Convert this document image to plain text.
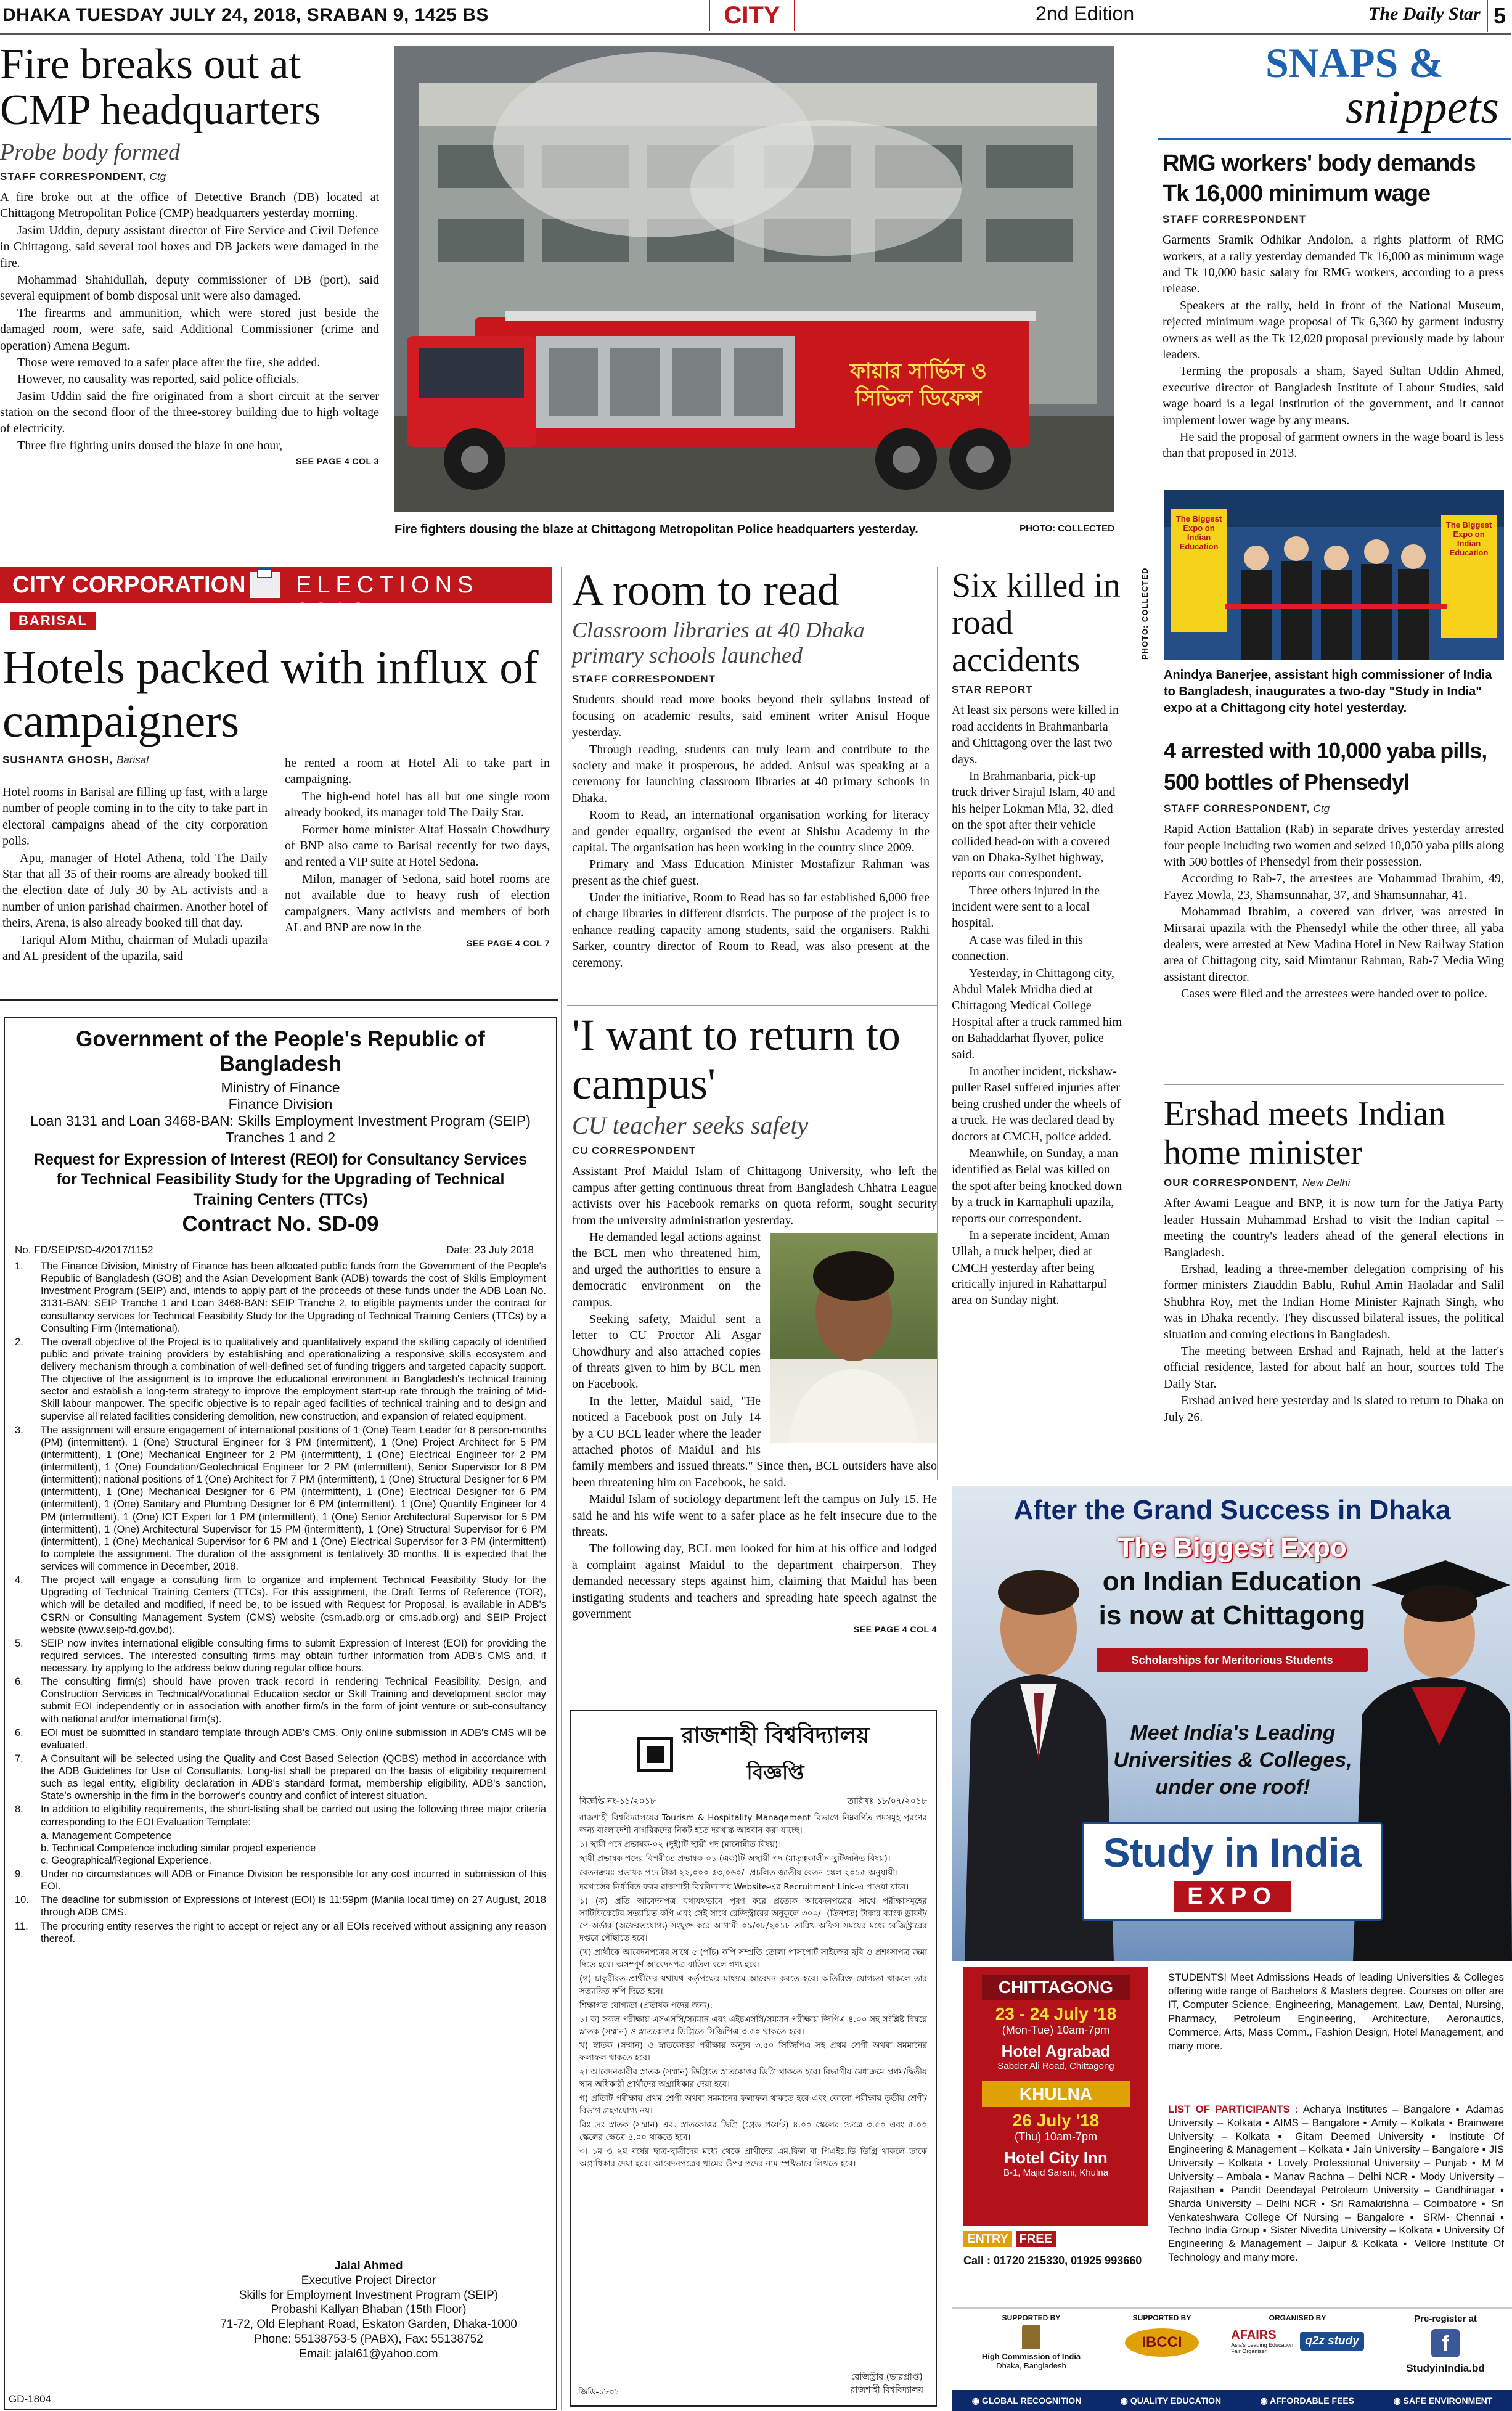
DHAKA TUESDAY JULY 24, 2018, SRABAN 9, 1425 BS	CITY	2nd Edition	The Daily Star 5
Fire breaks out at CMP headquarters
Probe body formed
STAFF CORRESPONDENT, Ctg

A fire broke out at the office of Detective Branch (DB) located at Chittagong Metropolitan Police (CMP) headquarters yesterday morning.

Jasim Uddin, deputy assistant director of Fire Service and Civil Defence in Chittagong, said several tool boxes and DB jackets were damaged in the fire.

Mohammad Shahidullah, deputy commissioner of DB (port), said several equipment of bomb disposal unit were also damaged.

The firearms and ammunition, which were stored just beside the damaged room, were safe, said Additional Commissioner (crime and operation) Amena Begum.

Those were removed to a safer place after the fire, she added.

However, no causality was reported, said police officials.

Jasim Uddin said the fire originated from a short circuit at the server station on the second floor of the three-storey building due to high voltage of electricity.

Three fire fighting units doused the blaze in one hour,

SEE PAGE 4 COL 3
ফায়ার সার্ভিস ও সিভিল ডিফেন্স
Fire fighters dousing the blaze at Chittagong Metropolitan Police headquarters yesterday.	PHOTO: COLLECTED
SNAPS &
snippets
RMG workers' body demands Tk 16,000 minimum wage
STAFF CORRESPONDENT

Garments Sramik Odhikar Andolon, a rights platform of RMG workers, at a rally yesterday demanded Tk 16,000 as minimum wage and Tk 10,000 basic salary for RMG workers, according to a press release.

Speakers at the rally, held in front of the National Museum, rejected minimum wage proposal of Tk 6,360 by garment industry owners as well as the Tk 12,020 proposal previously made by labour leaders.

Terming the proposals a sham, Sayed Sultan Uddin Ahmed, executive director of Bangladesh Institute of Labour Studies, said wage board is a legal institution of the government, and it cannot implement lower wage by any means.

He said the proposal of garment owners in the wage board is less than that proposed in 2013.

The Biggest Expo on Indian Education
The Biggest Expo on Indian Education
PHOTO: COLLECTED
Anindya Banerjee, assistant high commissioner of India to Bangladesh, inaugurates a two-day "Study in India" expo at a Chittagong city hotel yesterday.
4 arrested with 10,000 yaba pills, 500 bottles of Phensedyl
STAFF CORRESPONDENT, Ctg

Rapid Action Battalion (Rab) in separate drives yesterday arrested four people including two women and seized 10,050 yaba pills along with 500 bottles of Phensedyl from their possession.

According to Rab-7, the arrestees are Mohammad Ibrahim, 49, Fayez Mowla, 23, Shamsunnahar, 37, and Shamsunnahar, 41.

Mohammad Ibrahim, a covered van driver, was arrested in Mirsarai upazila with the Phensedyl while the other three, all yaba dealers, were arrested at New Madina Hotel in New Railway Station area of Chittagong city, said Mimtanur Rahman, Rab-7 Media Wing assistant director.

Cases were filed and the arrestees were handed over to police.

Ershad meets Indian home minister
OUR CORRESPONDENT, New Delhi

After Awami League and BNP, it is now turn for the Jatiya Party leader Hussain Muhammad Ershad to visit the Indian capital -- meeting the country's leaders ahead of the general elections in Bangladesh.

Ershad, leading a three-member delegation comprising of his former ministers Ziauddin Bablu, Ruhul Amin Haoladar and Salil Shubhra Roy, met the Indian Home Minister Rajnath Singh, who was in Dhaka recently. They discussed bilateral issues, the political situation and coming elections in Bangladesh.

The meeting between Ershad and Rajnath, held at the latter's official residence, lasted for about half an hour, sources told The Daily Star.

Ershad arrived here yesterday and is slated to return to Dhaka on July 26.

CITY CORPORATION ELECTIONS 2018
BARISAL
Hotels packed with influx of campaigners
SUSHANTA GHOSH, Barisal

Hotel rooms in Barisal are filling up fast, with a large number of people coming in to the city to take part in electoral campaigns ahead of the city corporation polls.

Apu, manager of Hotel Athena, told The Daily Star that all 35 of their rooms are already booked till the election date of July 30 by AL activists and a number of union parishad chairmen. Another hotel of theirs, Arena, is also already booked till that day.

Tariqul Alom Mithu, chairman of Muladi upazila and AL president of the upazila, said

he rented a room at Hotel Ali to take part in campaigning.

The high-end hotel has all but one single room already booked, its manager told The Daily Star.

Former home minister Altaf Hossain Chowdhury of BNP also came to Barisal recently for two days, and rented a VIP suite at Hotel Sedona.

Milon, manager of Sedona, said hotel rooms are not available due to heavy rush of election campaigners. Many activists and members of both AL and BNP are now in the

SEE PAGE 4 COL 7
A room to read
Classroom libraries at 40 Dhaka primary schools launched
STAFF CORRESPONDENT

Students should read more books beyond their syllabus instead of focusing on academic results, said eminent writer Anisul Hoque yesterday.

Through reading, students can truly learn and contribute to the society and make it prosperous, he added. Anisul was speaking at a ceremony for launching classroom libraries at 40 primary schools in Dhaka.

Room to Read, an international organisation working for literacy and gender equality, organised the event at Shishu Academy in the capital. The organisation has been working in the country since 2009.

Primary and Mass Education Minister Mostafizur Rahman was present as the chief guest.

Under the initiative, Room to Read has so far established 6,000 free of charge libraries in different districts. The purpose of the project is to enhance reading capacity among students, said the organisers. Rakhi Sarker, country director of Room to Read, was also present at the ceremony.

Six killed in road accidents
STAR REPORT

At least six persons were killed in road accidents in Brahmanbaria and Chittagong over the last two days.

In Brahmanbaria, pick-up truck driver Sirajul Islam, 40 and his helper Lokman Mia, 32, died on the spot after their vehicle collided head-on with a covered van on Dhaka-Sylhet highway, reports our correspondent.

Three others injured in the incident were sent to a local hospital.

A case was filed in this connection.

Yesterday, in Chittagong city, Abdul Malek Mridha died at Chittagong Medical College Hospital after a truck rammed him on Bahaddarhat flyover, police said.

In another incident, rickshaw-puller Rasel suffered injuries after being crushed under the wheels of a truck. He was declared dead by doctors at CMCH, police added.

Meanwhile, on Sunday, a man identified as Belal was killed on the spot after being knocked down by a truck in Karnaphuli upazila, reports our correspondent.

In a seperate incident, Aman Ullah, a truck helper, died at CMCH yesterday after being critically injured in Rahattarpul area on Sunday night.

'I want to return to campus'
CU teacher seeks safety
CU CORRESPONDENT

Assistant Prof Maidul Islam of Chittagong University, who left the campus after getting continuous threat from Bangladesh Chhatra League activists over his Facebook remarks on quota reform, sought security from the university administration yesterday.

He demanded legal actions against the BCL men who threatened him, and urged the authorities to ensure a democratic environment on the campus.

Seeking safety, Maidul sent a letter to CU Proctor Ali Asgar Chowdhury and also attached copies of threats given to him by BCL men on Facebook.

In the letter, Maidul said, "He noticed a Facebook post on July 14 by a CU BCL leader where the leader attached photos of Maidul and his family members and issued threats." Since then, BCL outsiders have also been threatening him on Facebook, he said.

Maidul Islam of sociology department left the campus on July 15. He said he and his wife went to a safer place as he felt insecure due to the threats.

The following day, BCL men looked for him at his office and lodged a complaint against Maidul to the department chairperson. They demanded necessary steps against him, claiming that Maidul has been instigating students and teachers and spreading hate speech against the government

SEE PAGE 4 COL 4
Government of the People's Republic of Bangladesh
Ministry of Finance
Finance Division
Loan 3131 and Loan 3468-BAN: Skills Employment Investment Program (SEIP)
Tranches 1 and 2
Request for Expression of Interest (REOI) for Consultancy Services for Technical Feasibility Study for the Upgrading of Technical Training Centers (TTCs)
Contract No. SD-09
No. FD/SEIP/SD-4/2017/1152	Date: 23 July 2018
1.	The Finance Division, Ministry of Finance has been allocated public funds from the Government of the People's Republic of Bangladesh (GOB) and the Asian Development Bank (ADB) towards the cost of Skills Employment Investment Program (SEIP) and, intends to apply part of the proceeds of these funds under the ADB Loan No. 3131-BAN: SEIP Tranche 1 and Loan 3468-BAN: SEIP Tranche 2, to eligible payments under the contract for consultancy services for Technical Feasibility Study for the Upgrading of Technical Training Centers (TTCs) by a Consulting Firm (International).
2.	The overall objective of the Project is to qualitatively and quantitatively expand the skilling capacity of identified public and private training providers by establishing and operationalizing a responsive skills ecosystem and delivery mechanism through a combination of well-defined set of funding triggers and targeted capacity support. The objective of the assignment is to improve the educational environment in Bangladesh's technical training sector and establish a long-term strategy to improve the employment start-up rate through the training of Mid-Skill labour manpower. The specific objective is to repair aged facilities of technical training and to design and supervise all related facilities considering demolition, new construction, and expansion of related equipment.
3.	The assignment will ensure engagement of international positions of 1 (One) Team Leader for 8 person-months (PM) (intermittent), 1 (One) Structural Engineer for 3 PM (intermittent), 1 (One) Project Architect for 5 PM (intermittent), 1 (One) Mechanical Engineer for 2 PM (intermittent), 1 (One) Electrical Engineer for 2 PM (intermittent), 1 (One) Foundation/Geotechnical Engineer for 2 PM (intermittent), Senior Supervisor for 8 PM (intermittent); national positions of 1 (One) Architect for 7 PM (intermittent), 1 (One) Structural Designer for 6 PM (intermittent), 1 (One) Mechanical Designer for 6 PM (intermittent), 1 (One) Electrical Designer for 6 PM (intermittent), 1 (One) Sanitary and Plumbing Designer for 6 PM (intermittent), 1 (One) Quantity Engineer for 4 PM (intermittent), 1 (One) ICT Expert for 1 PM (intermittent), 1 (One) Senior Architectural Supervisor for 5 PM (intermittent), 1 (One) Architectural Supervisor for 15 PM (intermittent), 1 (One) Structural Supervisor for 6 PM (intermittent), 1 (One) Mechanical Supervisor for 6 PM and 1 (One) Electrical Supervisor for 3 PM (intermittent) to complete the assignment. The duration of the assignment is tentatively 30 months. It is expected that the services will commence in December, 2018.
4.	The project will engage a consulting firm to organize and implement Technical Feasibility Study for the Upgrading of Technical Training Centers (TTCs). For this assignment, the Draft Terms of Reference (TOR), which will be detailed and modified, if need be, to be issued with Request for Proposal, is available in ADB's CSRN or Consulting Management System (CMS) website (csm.adb.org or cms.adb.org) and SEIP Project website (www.seip-fd.gov.bd).
5.	SEIP now invites international eligible consulting firms to submit Expression of Interest (EOI) for providing the required services. The interested consulting firms may obtain further information from ADB's CMS and, if necessary, by applying to the address below during regular office hours.
6.	The consulting firm(s) should have proven track record in rendering Technical Feasibility, Design, and Construction Services in Technical/Vocational Education sector or Skill Training and development sector may submit EOI independently or in association with another firm/s in the form of joint venture or sub-consultancy with national and/or international firm(s).
6.	EOI must be submitted in standard template through ADB's CMS. Only online submission in ADB's CMS will be evaluated.
7.	A Consultant will be selected using the Quality and Cost Based Selection (QCBS) method in accordance with the ADB Guidelines for Use of Consultants. Long-list shall be prepared on the basis of eligibility requirement such as legal entity, eligibility declaration in ADB's standard format, membership eligibility, ADB's sanction, State's ownership in the firm in the borrower's country and conflict of interest situation.
8.	In addition to eligibility requirements, the short-listing shall be carried out using the following three major criteria corresponding to the EOI Evaluation Template:
a. Management Competence
b. Technical Competence including similar project experience
c. Geographical/Regional Experience.
9.	Under no circumstances will ADB or Finance Division be responsible for any cost incurred in submission of this EOI.
10.	The deadline for submission of Expressions of Interest (EOI) is 11:59pm (Manila local time) on 27 August, 2018 through ADB CMS.
11.	The procuring entity reserves the right to accept or reject any or all EOIs received without assigning any reason thereof.
Jalal Ahmed
Executive Project Director
Skills for Employment Investment Program (SEIP)
Probashi Kallyan Bhaban (15th Floor)
71-72, Old Elephant Road, Eskaton Garden, Dhaka-1000
Phone: 55138753-5 (PABX), Fax: 55138752
Email: jalal61@yahoo.com
GD-1804
রাজশাহী বিশ্ববিদ্যালয়
বিজ্ঞপ্তি
বিজ্ঞপ্তি নং-১১/২০১৮	তারিখঃ ১৮/০৭/২০১৮

রাজশাহী বিশ্ববিদ্যালয়ের Tourism & Hospitality Management বিভাগে নিম্নবর্ণিত পদসমূহ পূরণের জন্য বাংলাদেশী নাগরিকদের নিকট হতে দরখাস্ত আহবান করা যাচ্ছে।

১। স্থায়ী পদে প্রভাষক-০২ (দুই)টি স্থায়ী পদ (মানোন্নীত বিষয়)।

স্থায়ী প্রভাষক পদের বিপরীতে প্রভাষক-০১ (এক)টি অস্থায়ী পদ (মাতৃত্বকালীন ছুটিজনিত বিষয়)।

বেতনক্রমঃ প্রভাষক পদে টাকা ২২,০০০-৫৩,০৬০/- প্রচলিত জাতীয় বেতন স্কেল ২০১৫ অনুযায়ী।

দরখাস্তের নির্ধারিত ফরম রাজশাহী বিশ্ববিদ্যালয় Website-এর Recruitment Link-এ পাওয়া যাবে।

১) (ক) প্রতি আবেদনপত্র যথাযথভাবে পূরণ করে প্রত্যেক আবেদনপত্রের সাথে পরীক্ষাসমূহের সার্টিফিকেটের সত্যায়িত কপি এবং সেই সাথে রেজিস্ট্রারের অনুকূলে ৩০০/- (তিনশত) টাকার ব্যাংক ড্রাফট/পে-অর্ডার (অফেরতযোগ্য) সংযুক্ত করে আগামী ০৯/০৮/২০১৮ তারিখ অফিস সময়ের মধ্যে রেজিস্ট্রারের দপ্তরে পৌঁছাতে হবে।

(খ) প্রার্থীকে আবেদনপত্রের সাথে ৫ (পাঁচ) কপি সম্প্রতি তোলা পাসপোর্ট সাইজের ছবি ও প্রশংসাপত্র জমা দিতে হবে। অসম্পূর্ণ আবেদনপত্র বাতিল বলে গণ্য হবে।

(গ) চাকুরীরত প্রার্থীদের যথাযথ কর্তৃপক্ষের মাধ্যমে আবেদন করতে হবে। অতিরিক্ত যোগ্যতা থাকলে তার সত্যায়িত কপি দিতে হবে।

শিক্ষাগত যোগ্যতা (প্রভাষক পদের জন্য):

১। ক) সকল পরীক্ষায় এসএসসি/সমমান এবং এইচএসসি/সমমান পরীক্ষায় জিপিএ ৪.০০ সহ সংশ্লিষ্ট বিষয়ে স্নাতক (সম্মান) ও স্নাতকোত্তর ডিগ্রিতে সিজিপিএ ৩.৫০ থাকতে হবে।

খ) স্নাতক (সম্মান) ও স্নাতকোত্তর পরীক্ষায় অন্যূন ৩.৫০ সিজিপিএ সহ প্রথম শ্রেণী অথবা সমমানের ফলাফল থাকতে হবে।

২। আবেদনকারীর স্নাতক (সম্মান) ডিগ্রিতে স্নাতকোত্তর ডিগ্রি থাকতে হবে। বিভাগীয় মেধাক্রমে প্রথম/দ্বিতীয় স্থান অধিকারী প্রার্থীদের অগ্রাধিকার দেয়া হবে।

গ) প্রতিটি পরীক্ষায় প্রথম শ্রেণী অথবা সমমানের ফলাফল থাকতে হবে এবং কোনো পরীক্ষায় তৃতীয় শ্রেণী/বিভাগ গ্রহণযোগ্য নয়।

বিঃ দ্রঃ স্নাতক (সম্মান) এবং স্নাতকোত্তর ডিগ্রি (গ্রেড পয়েন্ট) ৪.০০ স্কেলের ক্ষেত্রে ৩.৫০ এবং ৫.০০ স্কেলের ক্ষেত্রে ৪.০০ থাকতে হবে।

৩। ১ম ও ২য় বর্ষের ছাত্র-ছাত্রীদের মধ্যে থেকে প্রার্থীদের এম.ফিল বা পিএইচ.ডি ডিগ্রি থাকলে তাকে অগ্রাধিকার দেয়া হবে। আবেদনপত্রের খামের উপর পদের নাম স্পষ্টভাবে লিখতে হবে।

রেজিস্ট্রার (ভারপ্রাপ্ত)
রাজশাহী বিশ্ববিদ্যালয়
জিডি-১৮০১
After the Grand Success in Dhaka
The Biggest Expo
on Indian Education
is now at Chittagong
Scholarships for Meritorious Students
Meet India's Leading
Universities & Colleges,
under one roof!
Study in India
EXPO
CHITTAGONG
23 - 24 July '18
(Mon-Tue) 10am-7pm
Hotel Agrabad
Sabder Ali Road, Chittagong
KHULNA
26 July '18
(Thu) 10am-7pm
Hotel City Inn
B-1, Majid Sarani, Khulna
ENTRY FREE
Call : 01720 215330, 01925 993660
STUDENTS! Meet Admissions Heads of leading Universities & Colleges offering wide range of Bachelors & Masters degree. Courses on offer are IT, Computer Science, Engineering, Management, Law, Dental, Nursing, Pharmacy, Petroleum Engineering, Architecture, Aeronautics, Commerce, Arts, Mass Comm., Fashion Design, Hotel Management, and many more.
LIST OF PARTICIPANTS : Acharya Institutes – Bangalore ▪ Adamas University – Kolkata ▪ AIMS – Bangalore ▪ Amity – Kolkata ▪ Brainware University – Kolkata ▪ Gitam Deemed University ▪ Institute Of Engineering & Management – Kolkata ▪ Jain University – Bangalore ▪ JIS University – Kolkata ▪ Lovely Professional University – Punjab ▪ M M University – Ambala ▪ Manav Rachna – Delhi NCR ▪ Mody University – Rajasthan ▪ Pandit Deendayal Petroleum University – Gandhinagar ▪ Sharda University – Delhi NCR ▪ Sri Ramakrishna – Coimbatore ▪ Sri Venkateshwara College Of Nursing – Bangalore ▪ SRM- Chennai ▪ Techno India Group ▪ Sister Nivedita University – Kolkata ▪ University Of Engineering & Management – Jaipur & Kolkata ▪ Vellore Institute Of Technology and many more.
SUPPORTED BY
High Commission of India
Dhaka, Bangladesh
SUPPORTED BY
IBCCI
ORGANISED BY
AFAIRS
Asia's Leading Education Fair Organiser
q2z study
Pre-register at
f
StudyinIndia.bd
◉ GLOBAL RECOGNITION	◉ QUALITY EDUCATION	◉ AFFORDABLE FEES	◉ SAFE ENVIRONMENT
